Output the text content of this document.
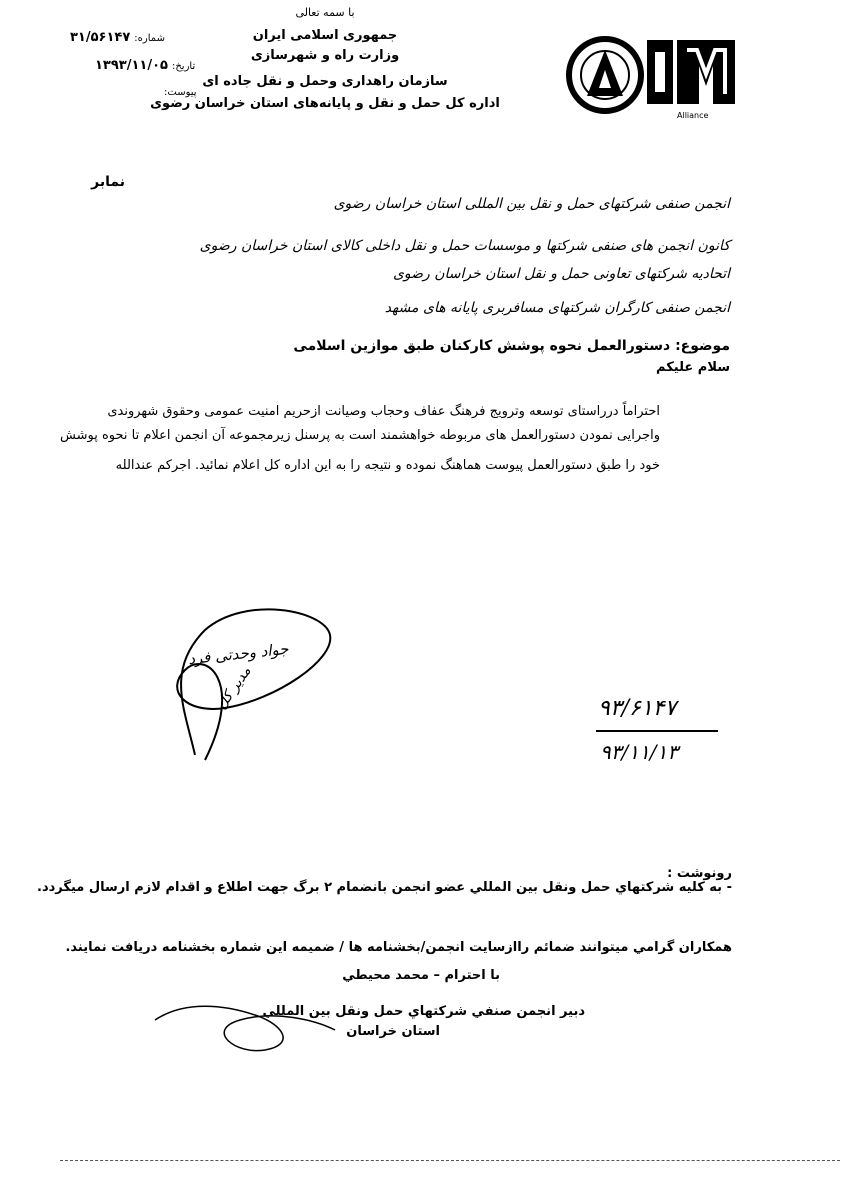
با سمه تعالی
جمهوری اسلامی ایران
وزارت راه و شهرسازی
سازمان راهداری وحمل و نقل جاده ای
اداره کل حمل و نقل و پایانه‌های استان خراسان رضوی
شماره:۳۱/۵۶۱۴۷
تاریخ:۱۳۹۳/۱۱/۰۵
پیوست:
Alliance
نمابر
انجمن صنفی شرکتهای حمل و نقل بین المللی استان خراسان رضوی
کانون انجمن های صنفی شرکتها و موسسات حمل و نقل داخلی کالای استان خراسان رضوی
اتحادیه شرکتهای تعاونی حمل و نقل استان خراسان رضوی
انجمن صنفی کارگران شرکتهای مسافربری پایانه های مشهد
موضوع: دستورالعمل نحوه پوشش کارکنان طبق موازین اسلامی
سلام علیکم
احتراماً درراستای توسعه وترویج فرهنگ عفاف وحجاب وصیانت ازحریم امنیت عمومی وحقوق شهروندی
واجرایی نمودن دستورالعمل های مربوطه خواهشمند است به پرسنل زیرمجموعه آن انجمن اعلام تا نحوه پوشش
خود را طبق دستورالعمل پیوست هماهنگ نموده و نتیجه را به این اداره کل اعلام نمائید. اجرکم عندالله
جواد وحدتی فرد
مدیر کل	۹۳/۶۱۴۷
۹۳/۱۱/۱۳
رونوشت :
- به کلیه شرکتهاي حمل ونقل بين المللي عضو انجمن بانضمام ۲ برگ جهت اطلاع و اقدام لازم ارسال ميگردد.
همکاران گرامي ميتوانند ضمائم راازسايت انجمن/بخشنامه ها / ضميمه اين شماره بخشنامه دريافت نمايند.
با احترام – محمد محيطي
دبير انجمن صنفي شرکتهاي حمل ونقل بين المللي
استان خراسان
